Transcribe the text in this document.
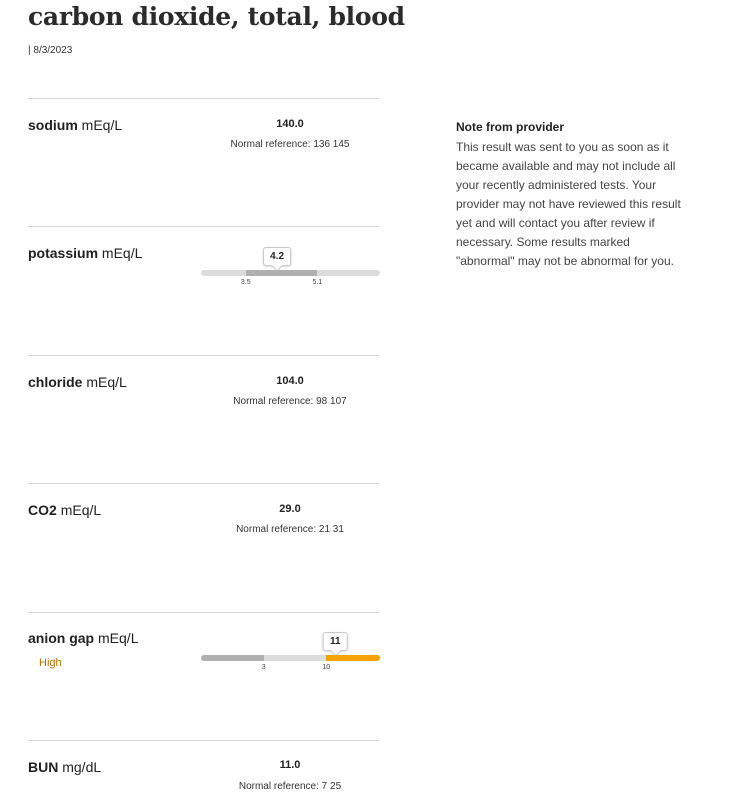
carbon dioxide, total, blood
| 8/3/2023
sodium mEq/L	140.0
Normal reference: 136 145
potassium mEq/L	4.2
3.5	5.1
chloride mEq/L	104.0
Normal reference: 98 107
CO2 mEq/L	29.0
Normal reference: 21 31
anion gap mEq/L
High
11
3	10
BUN mg/dL	11.0
Normal reference: 7 25
Note from provider
This result was sent to you as soon as it became available and may not include all your recently administered tests. Your provider may not have reviewed this result yet and will contact you after review if necessary. Some results marked "abnormal" may not be abnormal for you.
